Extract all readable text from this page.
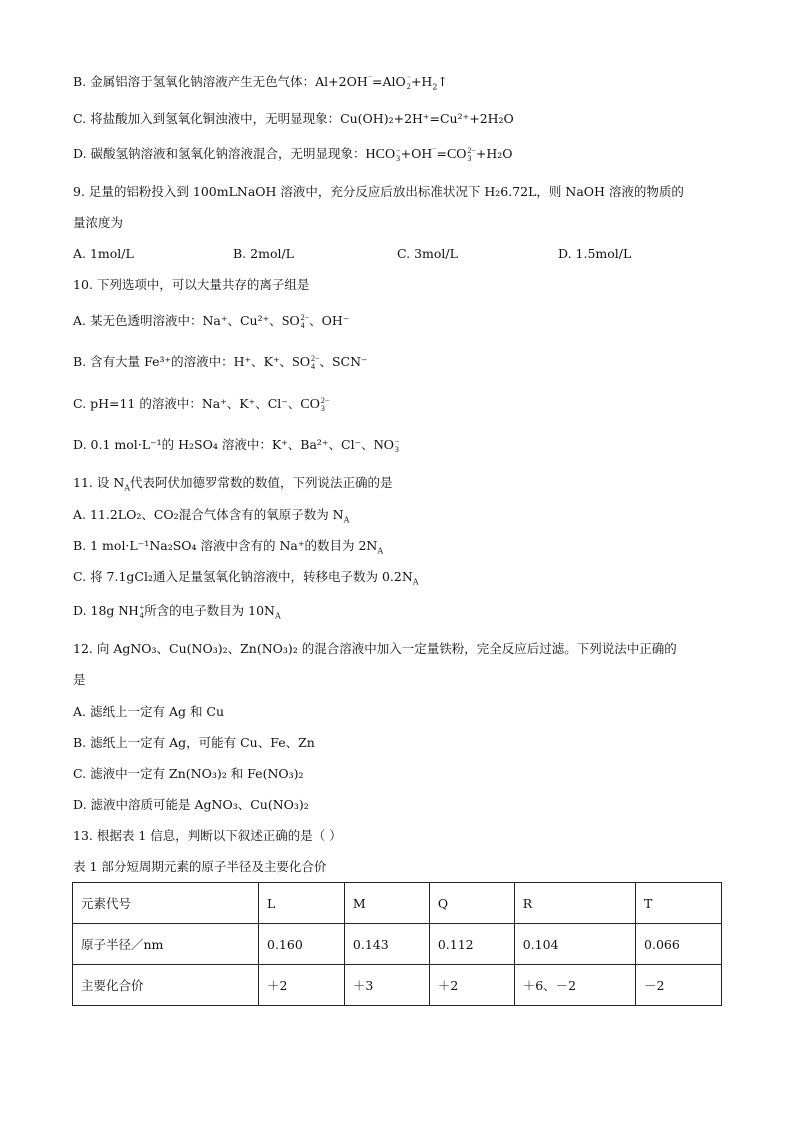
B. 金属铝溶于氢氧化钠溶液产生无色气体：Al+2OH⁻=AlO ⁻
$2 +H_2↑$
C. 将盐酸加入到氢氧化铜浊液中，无明显现象：Cu(OH)₂+2H⁺=Cu²⁺+2H₂O
D. 碳酸氢钠溶液和氢氧化钠溶液混合，无明显现象：HCO −
3 +OH⁻=CO 2−
3 +H₂O
9. 足量的铝粉投入到 100mLNaOH 溶液中，充分反应后放出标准状况下 H₂6.72L，则 NaOH 溶液的物质的
量浓度为
A. 1mol/L	B. 2mol/L	C. 3mol/L	D. 1.5mol/L
10. 下列选项中，可以大量共存的离子组是
A. 某无色透明溶液中：Na⁺、Cu²⁺、SO 2−
4 、OH⁻
B. 含有大量 Fe³⁺的溶液中：H⁺、K⁺、SO 2−
4 、SCN⁻
C. pH=11 的溶液中：Na⁺、K⁺、Cl⁻、CO 2−
3
D. 0.1 mol·L⁻¹的 H₂SO₄ 溶液中：K⁺、Ba²⁺、Cl⁻、NO −
3
11. 设 $N_A$代表阿伏加德罗常数的数值，下列说法正确的是
A. 11.2LO₂、CO₂混合气体含有的氧原子数为 $N_A$
B. 1 mol·L⁻¹Na₂SO₄ 溶液中含有的 Na⁺的数目为 $2N_A$
C. 将 7.1gCl₂通入足量氢氧化钠溶液中，转移电子数为 $0.2N_A$
D. 18g NH +
4 所含的电子数目为 $10N_A$
12. 向 AgNO₃、Cu(NO₃)₂、Zn(NO₃)₂ 的混合溶液中加入一定量铁粉，完全反应后过滤。下列说法中正确的
是
A. 滤纸上一定有 Ag 和 Cu
B. 滤纸上一定有 Ag，可能有 Cu、Fe、Zn
C. 滤液中一定有 Zn(NO₃)₂ 和 Fe(NO₃)₂
D. 滤液中溶质可能是 AgNO₃、Cu(NO₃)₂
13. 根据表 1 信息，判断以下叙述正确的是（ ）
表 1 部分短周期元素的原子半径及主要化合价
元素代号	L	M	Q	R	T
原子半径／nm	0.160	0.143	0.112	0.104	0.066
主要化合价	＋2	＋3	＋2	＋6、－2	－2
